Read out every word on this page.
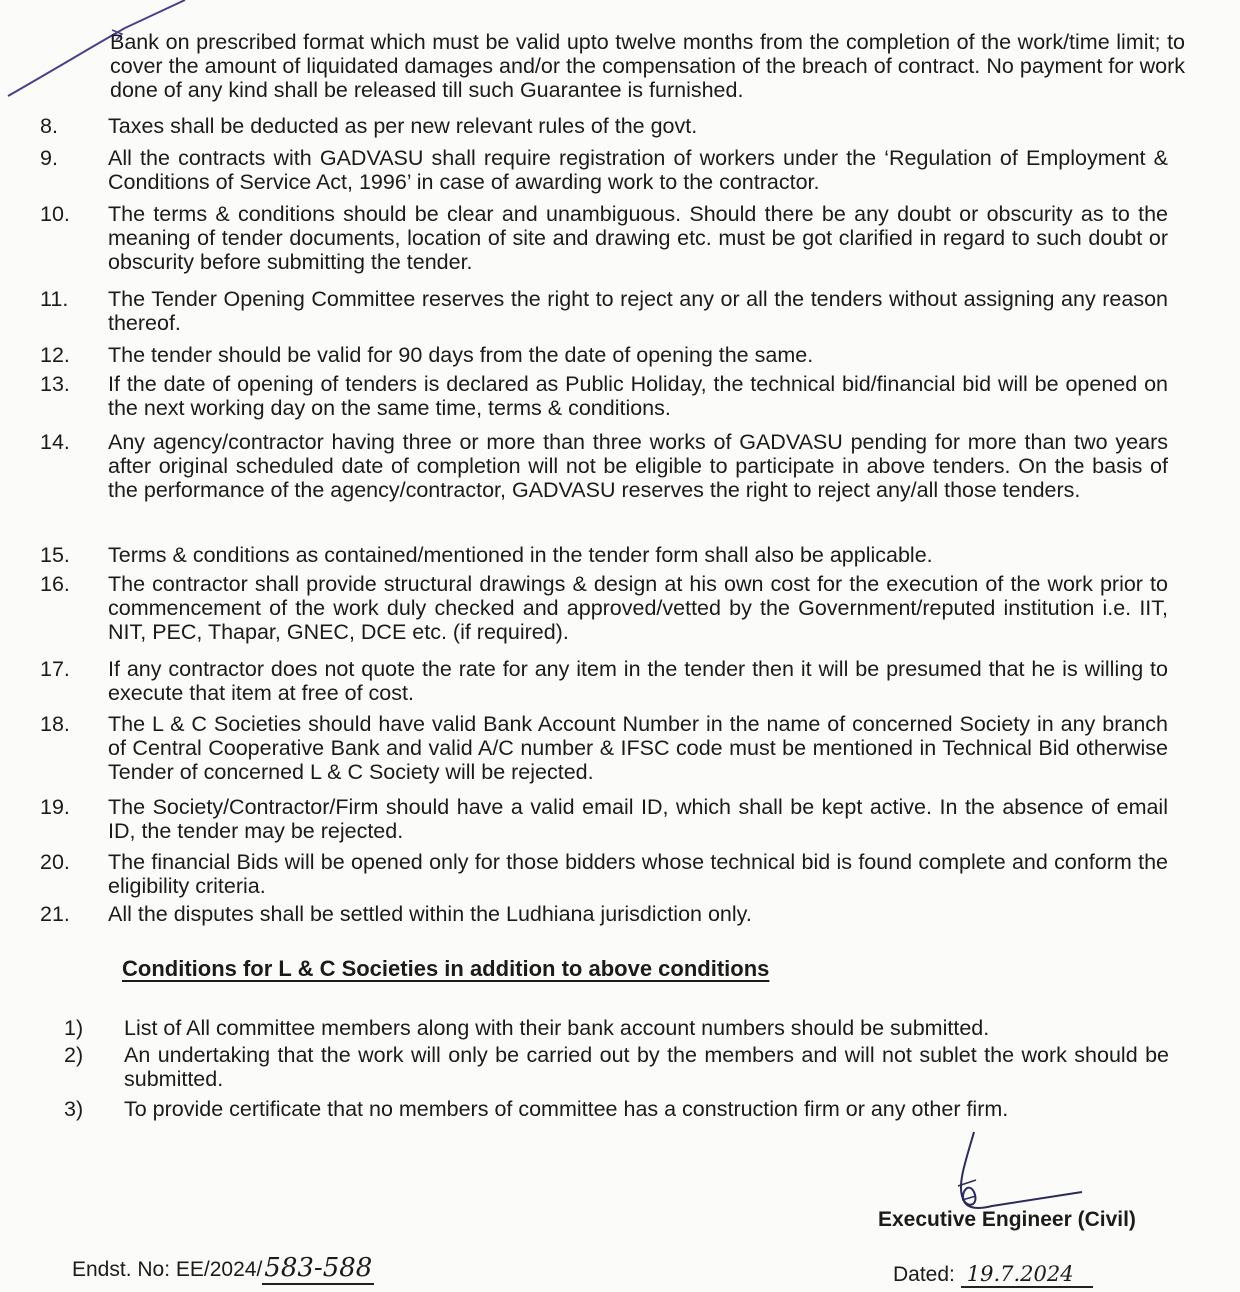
Bank on prescribed format which must be valid upto twelve months from the completion of the work/time limit; to cover the amount of liquidated damages and/or the compensation of the breach of contract. No payment for work done of any kind shall be released till such Guarantee is furnished.
8.	Taxes shall be deducted as per new relevant rules of the govt.
9.	All the contracts with GADVASU shall require registration of workers under the ‘Regulation of Employment & Conditions of Service Act, 1996’ in case of awarding work to the contractor.
10.	The terms & conditions should be clear and unambiguous. Should there be any doubt or obscurity as to the meaning of tender documents, location of site and drawing etc. must be got clarified in regard to such doubt or obscurity before submitting the tender.
11.	The Tender Opening Committee reserves the right to reject any or all the tenders without assigning any reason thereof.
12.	The tender should be valid for 90 days from the date of opening the same.
13.	If the date of opening of tenders is declared as Public Holiday, the technical bid/financial bid will be opened on the next working day on the same time, terms & conditions.
14.	Any agency/contractor having three or more than three works of GADVASU pending for more than two years after original scheduled date of completion will not be eligible to participate in above tenders. On the basis of the performance of the agency/contractor, GADVASU reserves the right to reject any/all those tenders.
15.	Terms & conditions as contained/mentioned in the tender form shall also be applicable.
16.	The contractor shall provide structural drawings & design at his own cost for the execution of the work prior to commencement of the work duly checked and approved/vetted by the Government/reputed institution i.e. IIT, NIT, PEC, Thapar, GNEC, DCE etc. (if required).
17.	If any contractor does not quote the rate for any item in the tender then it will be presumed that he is willing to execute that item at free of cost.
18.	The L & C Societies should have valid Bank Account Number in the name of concerned Society in any branch of Central Cooperative Bank and valid A/C number & IFSC code must be mentioned in Technical Bid otherwise Tender of concerned L & C Society will be rejected.
19.	The Society/Contractor/Firm should have a valid email ID, which shall be kept active. In the absence of email ID, the tender may be rejected.
20.	The financial Bids will be opened only for those bidders whose technical bid is found complete and conform the eligibility criteria.
21.	All the disputes shall be settled within the Ludhiana jurisdiction only.
Conditions for L & C Societies in addition to above conditions
1)	List of All committee members along with their bank account numbers should be submitted.
2)	An undertaking that the work will only be carried out by the members and will not sublet the work should be submitted.
3)	To provide certificate that no members of committee has a construction firm or any other firm.
Executive Engineer (Civil)
Endst. No: EE/2024/583-588	Dated: 19.7.2024
